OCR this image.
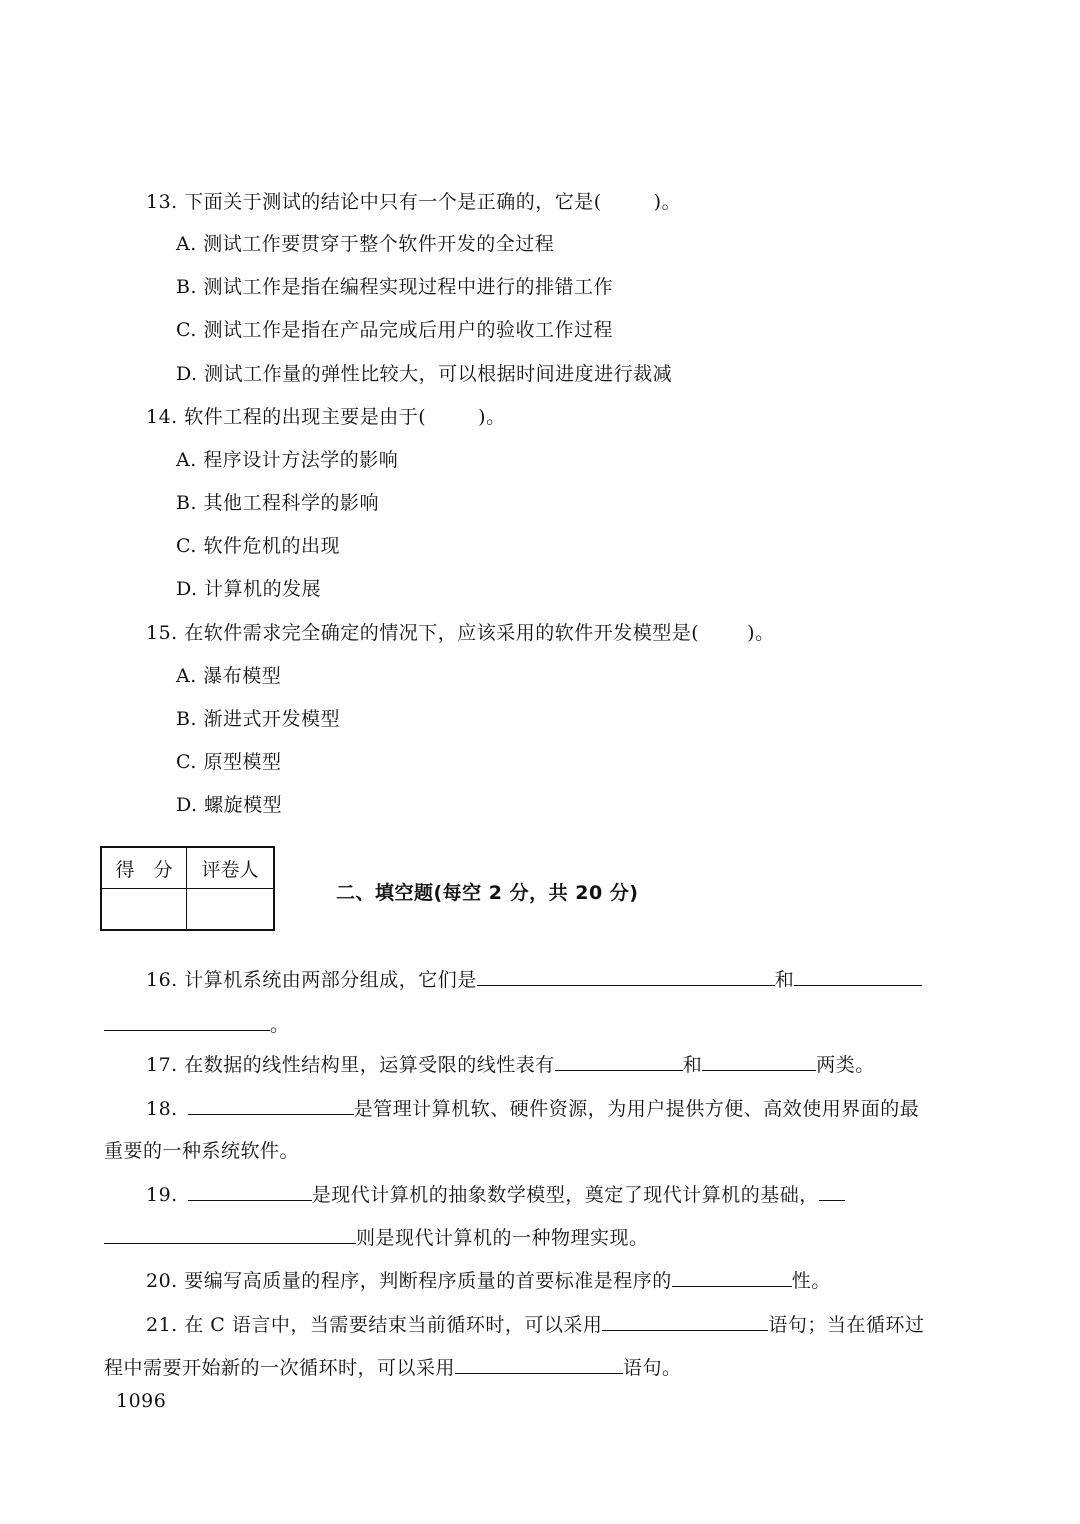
13. 下面关于测试的结论中只有一个是正确的，它是(	)。
A. 测试工作要贯穿于整个软件开发的全过程
B. 测试工作是指在编程实现过程中进行的排错工作
C. 测试工作是指在产品完成后用户的验收工作过程
D. 测试工作量的弹性比较大，可以根据时间进度进行裁减
14. 软件工程的出现主要是由于(	)。
A. 程序设计方法学的影响
B. 其他工程科学的影响
C. 软件危机的出现
D. 计算机的发展
15. 在软件需求完全确定的情况下，应该采用的软件开发模型是(	)。
A. 瀑布模型
B. 渐进式开发模型
C. 原型模型
D. 螺旋模型
得　分	评卷人

二、填空题(每空 2 分，共 20 分)
16. 计算机系统由两部分组成，它们是	和
。
17. 在数据的线性结构里，运算受限的线性表有	和	两类。
18.	是管理计算机软、硬件资源，为用户提供方便、高效使用界面的最
重要的一种系统软件。
19.	是现代计算机的抽象数学模型，奠定了现代计算机的基础，
则是现代计算机的一种物理实现。
20. 要编写高质量的程序，判断程序质量的首要标准是程序的	性。
21. 在 C 语言中，当需要结束当前循环时，可以采用	语句；当在循环过
程中需要开始新的一次循环时，可以采用	语句。
1096
